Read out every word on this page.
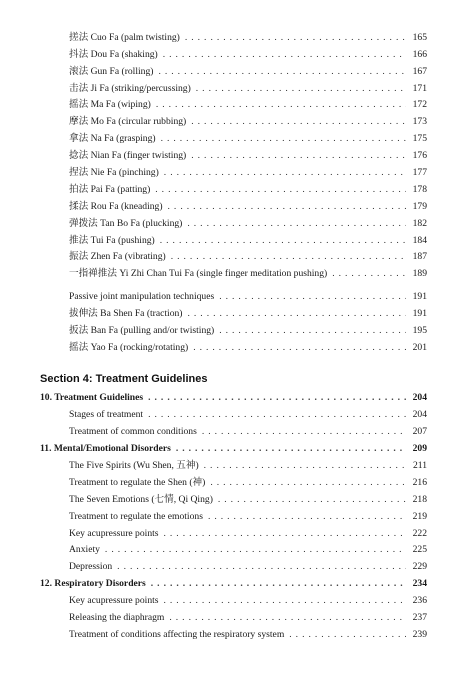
搓法 Cuo Fa (palm twisting) . . .	165
抖法 Dou Fa (shaking) . . .	166
滚法 Gun Fa (rolling) . . .	167
击法 Ji Fa (striking/percussing) . . .	171
摇法 Ma Fa (wiping) . . .	172
摩法 Mo Fa (circular rubbing) . . .	173
拿法 Na Fa (grasping) . . .	175
捻法 Nian Fa (finger twisting) . . .	176
捏法 Nie Fa (pinching) . . .	177
拍法 Pai Fa (patting) . . .	178
揉法 Rou Fa (kneading) . . .	179
弹拨法 Tan Bo Fa (plucking) . . .	182
推法 Tui Fa (pushing) . . .	184
振法 Zhen Fa (vibrating) . . .	187
一指禅推法 Yi Zhi Chan Tui Fa (single finger meditation pushing) . . .	189
Passive joint manipulation techniques . . .	191
拔伸法 Ba Shen Fa (traction) . . .	191
扳法 Ban Fa (pulling and/or twisting) . . .	195
摇法 Yao Fa (rocking/rotating) . . .	201
Section 4: Treatment Guidelines
10. Treatment Guidelines . . .	204
Stages of treatment . . .	204
Treatment of common conditions . . .	207
11. Mental/Emotional Disorders . . .	209
The Five Spirits (Wu Shen, 五神) . . .	211
Treatment to regulate the Shen (神) . . .	216
The Seven Emotions (七情, Qi Qing) . . .	218
Treatment to regulate the emotions . . .	219
Key acupressure points . . .	222
Anxiety . . .	225
Depression . . .	229
12. Respiratory Disorders . . .	234
Key acupressure points . . .	236
Releasing the diaphragm . . .	237
Treatment of conditions affecting the respiratory system . . .	239
